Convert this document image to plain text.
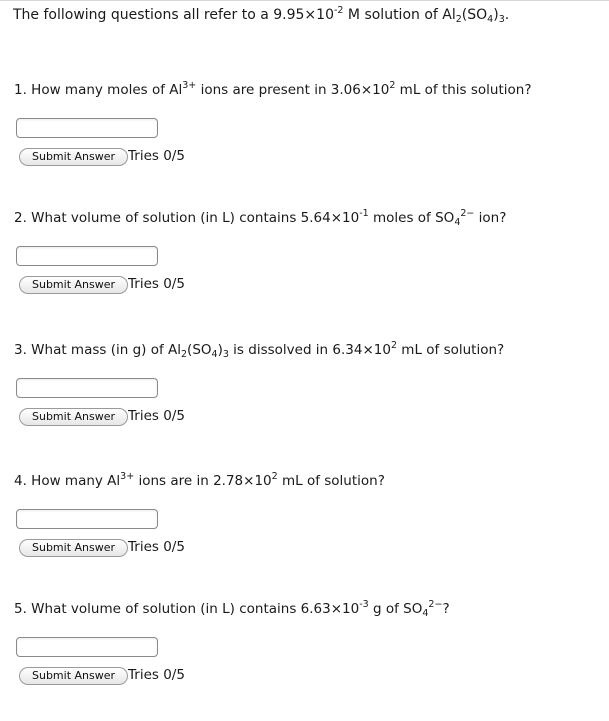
The following questions all refer to a $9.95\times 10^{-2}$ M solution of $Al_2(SO_4)_3$.
1. How many moles of $Al^{3+}$ ions are present in $3.06\times 10^2$ mL of this solution?
Submit Answer Tries 0/5
2. What volume of solution (in L) contains $5.64\times 10^{-1}$ moles of $SO_4^{2-}$ ion?
Submit Answer Tries 0/5
3. What mass (in g) of $Al_2(SO_4)_3$ is dissolved in $6.34\times 10^2$ mL of solution?
Submit Answer Tries 0/5
4. How many $Al^{3+}$ ions are in $2.78\times 10^2$ mL of solution?
Submit Answer Tries 0/5
5. What volume of solution (in L) contains $6.63\times 10^{-3}$ g of $SO_4^{2-}$?
Submit Answer Tries 0/5
